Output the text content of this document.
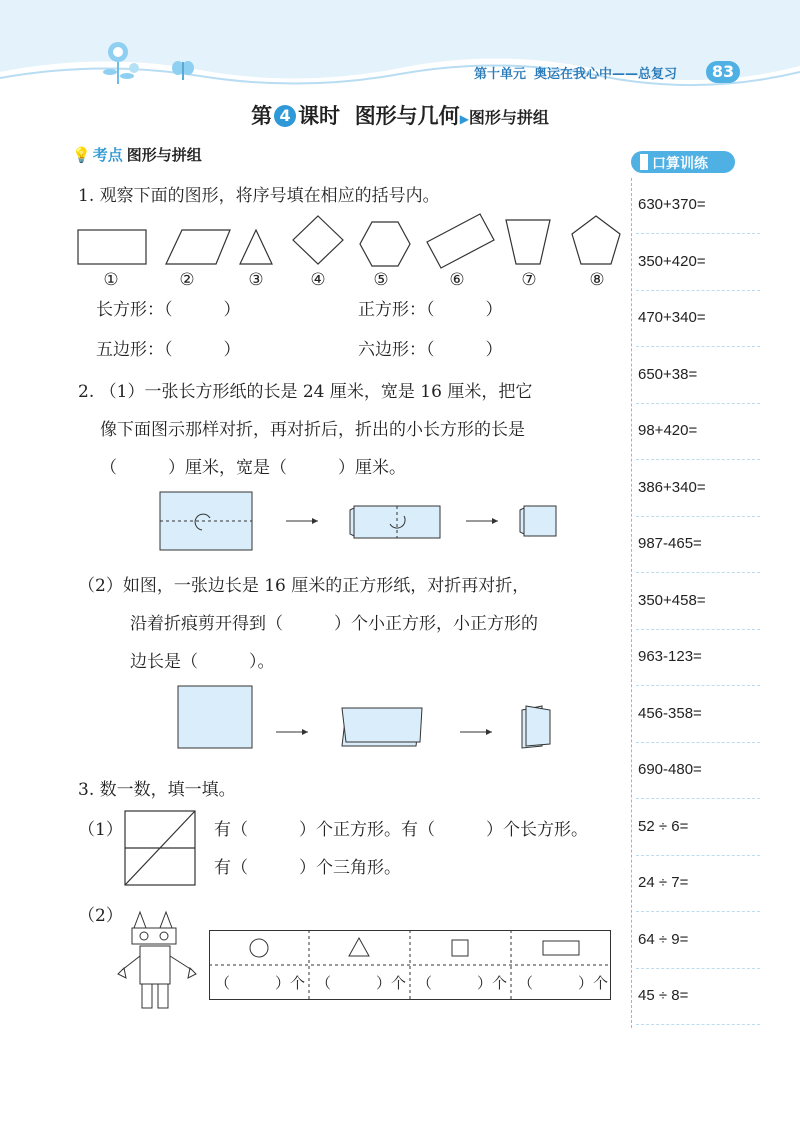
第十单元 奥运在我心中——总复习	83
第 4 课时 图形与几何▶图形与拼组
💡 考点 图形与拼组
1. 观察下面的图形，将序号填在相应的括号内。
①	②	③	④	⑤	⑥	⑦	⑧
长方形：（　　　）	正方形：（　　　）
五边形：（　　　）	六边形：（　　　）
2. （1）一张长方形纸的长是 24 厘米，宽是 16 厘米，把它
像下面图示那样对折，再对折后，折出的小长方形的长是
（　　　）厘米，宽是（　　　）厘米。
（2）如图，一张边长是 16 厘米的正方形纸，对折再对折，
沿着折痕剪开得到（　　　）个小正方形，小正方形的
边长是（　　　）。
3. 数一数，填一填。
（1）	有（　　　）个正方形。有（　　　）个长方形。
有（　　　）个三角形。
（2）
（　　　）个 （　　　）个 （　　　）个 （　　　）个
口算训练
630+370=
350+420=
470+340=
650+38=
98+420=
386+340=
987-465=
350+458=
963-123=
456-358=
690-480=
52 ÷ 6=
24 ÷ 7=
64 ÷ 9=
45 ÷ 8=
